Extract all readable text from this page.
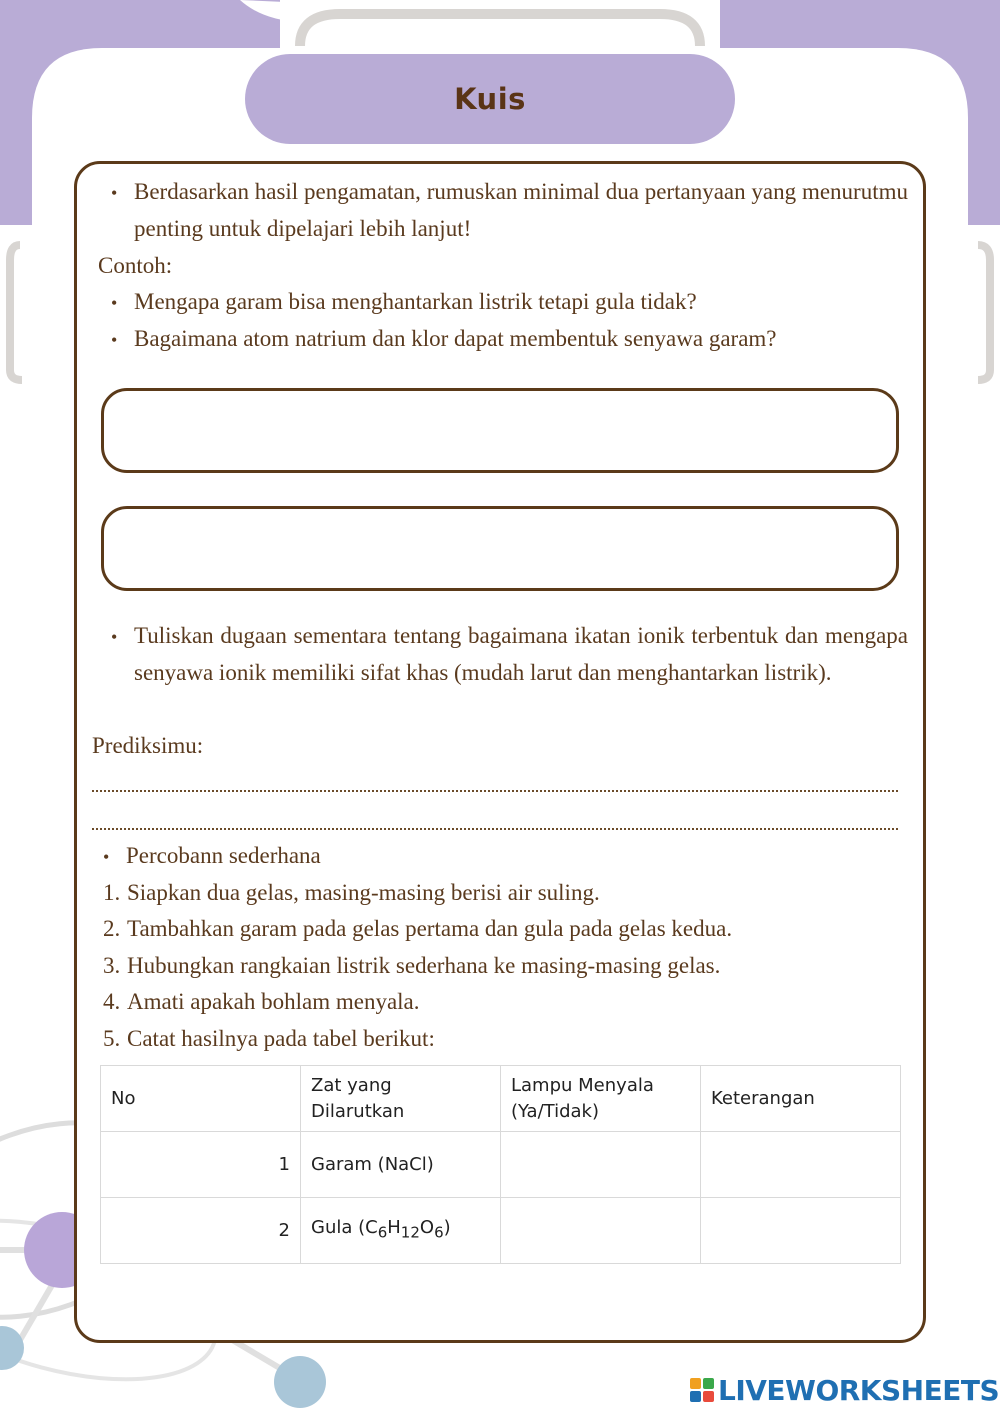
Kuis
• Berdasarkan hasil pengamatan, rumuskan minimal dua pertanyaan yang menurutmu penting untuk dipelajari lebih lanjut!
Contoh:
• Mengapa garam bisa menghantarkan listrik tetapi gula tidak?
• Bagaimana atom natrium dan klor dapat membentuk senyawa garam?
• Tuliskan dugaan sementara tentang bagaimana ikatan ionik terbentuk dan mengapa senyawa ionik memiliki sifat khas (mudah larut dan menghantarkan listrik).
Prediksimu:
• Percobann sederhana
1. Siapkan dua gelas, masing-masing berisi air suling.
2. Tambahkan garam pada gelas pertama dan gula pada gelas kedua.
3. Hubungkan rangkaian listrik sederhana ke masing-masing gelas.
4. Amati apakah bohlam menyala.
5. Catat hasilnya pada tabel berikut:
No	Zat yang Dilarutkan	Lampu Menyala (Ya/Tidak)	Keterangan
1	Garam (NaCl)		
2	Gula $(C_6H_{12}O_6)$		
LIVEWORKSHEETS
